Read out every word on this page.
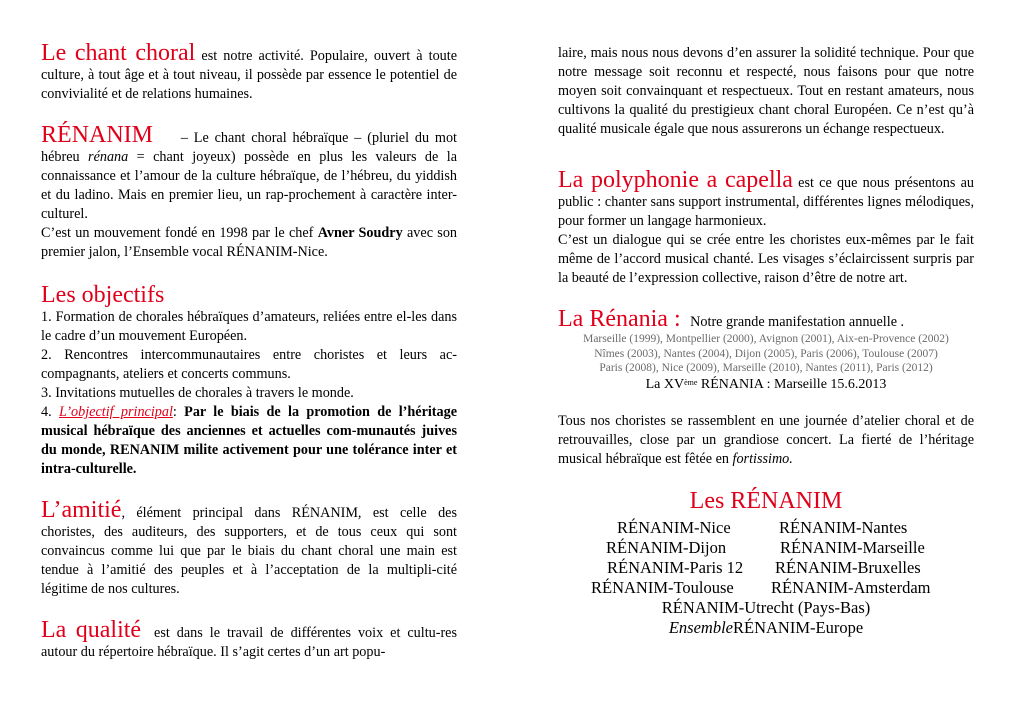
Le chant choral est notre activité. Populaire, ouvert à toute culture, à tout âge et à tout niveau, il possède par essence le potentiel de convivialité et de relations humaines.

RÉNANIM – Le chant choral hébraïque – (pluriel du mot hébreu rénana = chant joyeux) possède en plus les valeurs de la connaissance et l’amour de la culture hébraïque, de l’hébreu, du yiddish et du ladino. Mais en premier lieu, un rap-prochement à caractère inter-culturel.
C’est un mouvement fondé en 1998 par le chef Avner Soudry avec son premier jalon, l’Ensemble vocal RÉNANIM-Nice.

Les objectifs

1. Formation de chorales hébraïques d’amateurs, reliées entre el-les dans le cadre d’un mouvement Européen.

2. Rencontres intercommunautaires entre choristes et leurs ac-compagnants, ateliers et concerts communs.

3. Invitations mutuelles de chorales à travers le monde.

4. L’objectif principal: Par le biais de la promotion de l’héritage musical hébraïque des anciennes et actuelles com-munautés juives du monde, RENANIM milite activement pour une tolérance inter et intra-culturelle.

L’amitié, élément principal dans RÉNANIM, est celle des choristes, des auditeurs, des supporters, et de tous ceux qui sont convaincus comme lui que par le biais du chant choral une main est tendue à l’amitié des peuples et à l’acceptation de la multipli-cité légitime de nos cultures.

La qualité est dans le travail de différentes voix et cultu-res autour du répertoire hébraïque. Il s’agit certes d’un art popu-

laire, mais nous nous devons d’en assurer la solidité technique. Pour que notre message soit reconnu et respecté, nous faisons pour que notre moyen soit convainquant et respectueux. Tout en restant amateurs, nous cultivons la qualité du prestigieux chant choral Européen. Ce n’est qu’à qualité musicale égale que nous assurerons un échange respectueux.

La polyphonie a capella est ce que nous présentons au public : chanter sans support instrumental, différentes lignes mélodiques, pour former un langage harmonieux.

C’est un dialogue qui se crée entre les choristes eux-mêmes par le fait même de l’accord musical chanté. Les visages s’éclaircissent surpris par la beauté de l’expression collective, raison d’être de notre art.

La Rénania : Notre grande manifestation annuelle .

Marseille (1999), Montpellier (2000), Avignon (2001), Aix-en-Provence (2002)

Nîmes (2003), Nantes (2004), Dijon (2005), Paris (2006), Toulouse (2007)

Paris (2008), Nice (2009), Marseille (2010), Nantes (2011), Paris (2012)

La XVème RÉNANIA : Marseille 15.6.2013

Tous nos choristes se rassemblent en une journée d’atelier choral et de retrouvailles, close par un grandiose concert. La fierté de l’héritage musical hébraïque est fêtée en fortissimo.

Les RÉNANIM

RÉNANIM-Nice	RÉNANIM-Nantes
RÉNANIM-Dijon	RÉNANIM-Marseille
RÉNANIM-Paris 12	RÉNANIM-Bruxelles
RÉNANIM-Toulouse	RÉNANIM-Amsterdam
RÉNANIM-Utrecht (Pays-Bas)
EnsembleRÉNANIM-Europe
